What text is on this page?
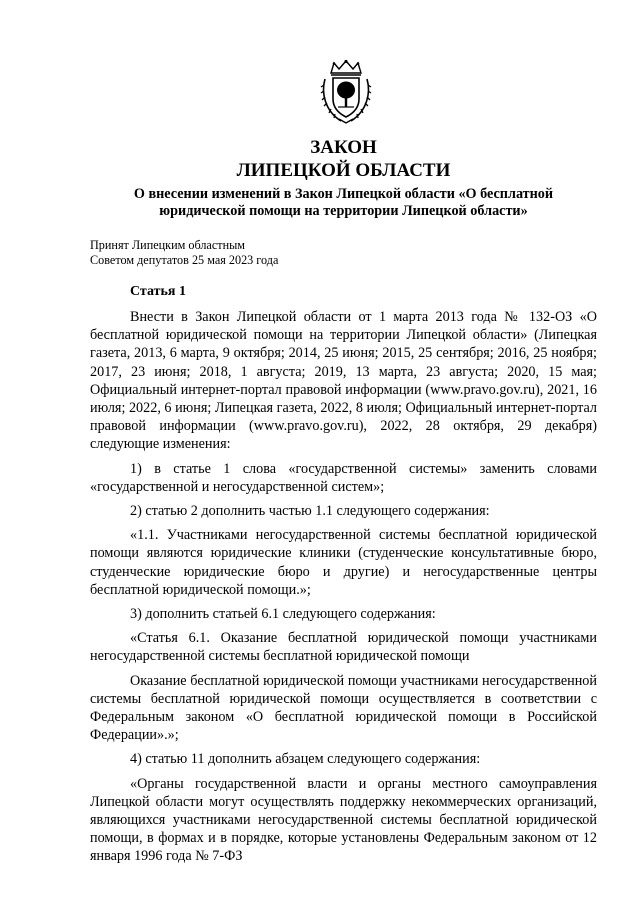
ЗАКОН
ЛИПЕЦКОЙ ОБЛАСТИ
О внесении изменений в Закон Липецкой области «О бесплатной юридической помощи на территории Липецкой области»
Принят Липецким областным
Советом депутатов 25 мая 2023 года
Статья 1

Внести в Закон Липецкой области от 1 марта 2013 года № 132-ОЗ «О бесплатной юридической помощи на территории Липецкой области» (Липецкая газета, 2013, 6 марта, 9 октября; 2014, 25 июня; 2015, 25 сентября; 2016, 25 ноября; 2017, 23 июня; 2018, 1 августа; 2019, 13 марта, 23 августа; 2020, 15 мая; Официальный интернет-портал правовой информации (www.pravo.gov.ru), 2021, 16 июля; 2022, 6 июня; Липецкая газета, 2022, 8 июля; Официальный интернет-портал правовой информации (www.pravo.gov.ru), 2022, 28 октября, 29 декабря) следующие изменения:

1) в статье 1 слова «государственной системы» заменить словами «государственной и негосударственной систем»;

2) статью 2 дополнить частью 1.1 следующего содержания:

«1.1. Участниками негосударственной системы бесплатной юридической помощи являются юридические клиники (студенческие консультативные бюро, студенческие юридические бюро и другие) и негосударственные центры бесплатной юридической помощи.»;

3) дополнить статьей 6.1 следующего содержания:

«Статья 6.1. Оказание бесплатной юридической помощи участниками негосударственной системы бесплатной юридической помощи

Оказание бесплатной юридической помощи участниками негосударственной системы бесплатной юридической помощи осуществляется в соответствии с Федеральным законом «О бесплатной юридической помощи в Российской Федерации».»;

4) статью 11 дополнить абзацем следующего содержания:

«Органы государственной власти и органы местного самоуправления Липецкой области могут осуществлять поддержку некоммерческих организаций, являющихся участниками негосударственной системы бесплатной юридической помощи, в формах и в порядке, которые установлены Федеральным законом от 12 января 1996 года № 7-ФЗ
